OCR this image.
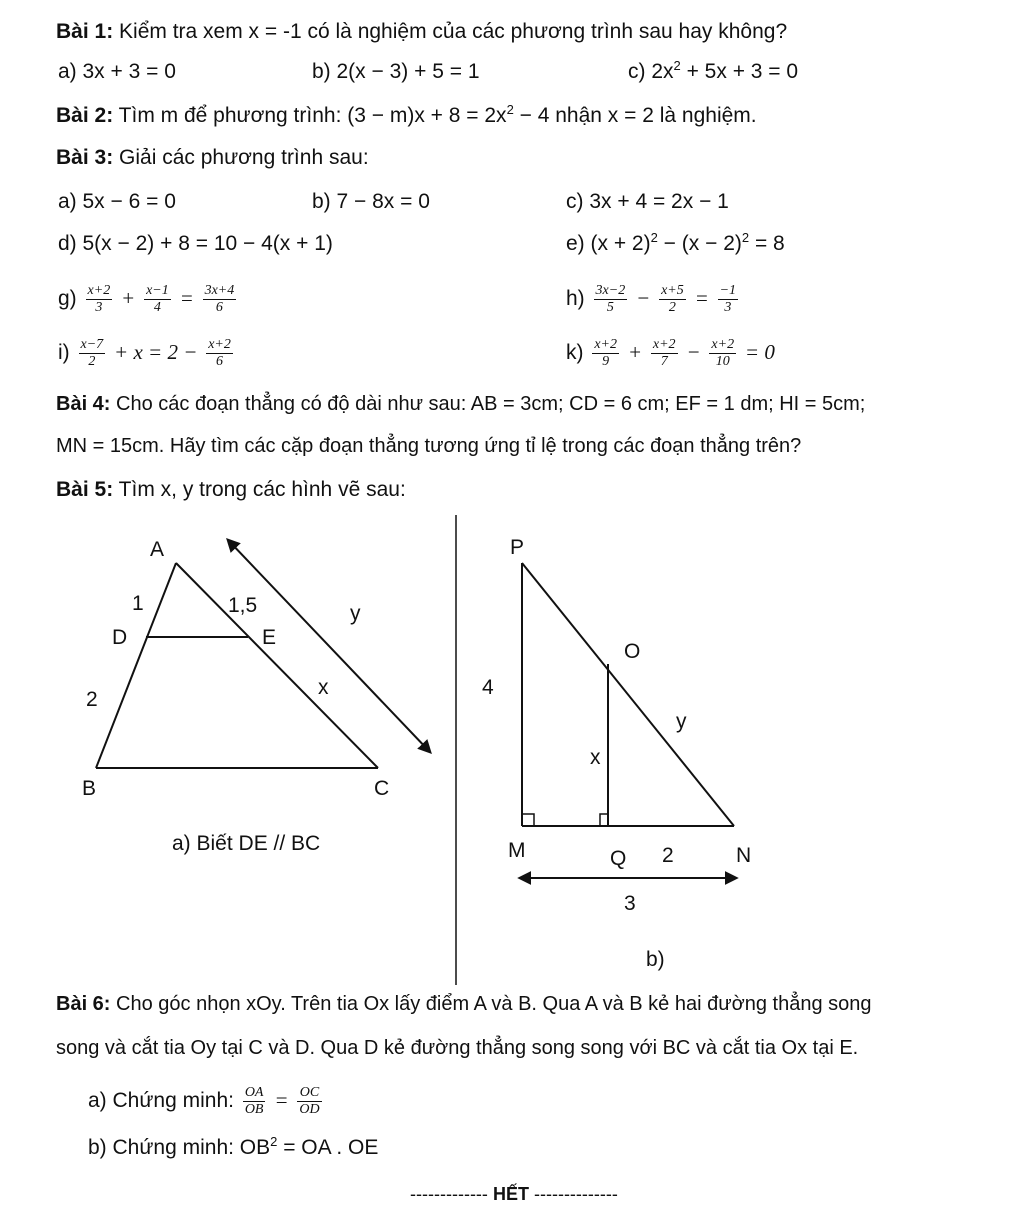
Bài 1: Kiểm tra xem x = -1 có là nghiệm của các phương trình sau hay không?
a) 3x + 3 = 0	b) 2(x − 3) + 5 = 1	c) $2x^2 + 5x + 3 = 0$
Bài 2: Tìm m để phương trình: $(3 - m)x + 8 = 2x^2 - 4$ nhận x = 2 là nghiệm.
Bài 3: Giải các phương trình sau:
a) 5x − 6 = 0	b) 7 − 8x = 0	c) 3x + 4 = 2x − 1
d) 5(x − 2) + 8 = 10 − 4(x + 1)	e) $(x + 2)^2 - (x - 2)^2 = 8$
$g) \frac{x+2}{3} + \frac{x-1}{4} = \frac{3x+4}{6}$	$h) \frac{3x-2}{5} - \frac{x+5}{2} = \frac{-1}{3}$
$i) \frac{x-7}{2} + x = 2 - \frac{x+2}{6}$	$k) \frac{x+2}{9} + \frac{x+2}{7} - \frac{x+2}{10} = 0$
Bài 4: Cho các đoạn thẳng có độ dài như sau: AB = 3cm; CD = 6 cm; EF = 1 dm; HI = 5cm;
MN = 15cm. Hãy tìm các cặp đoạn thẳng tương ứng tỉ lệ trong các đoạn thẳng trên?
Bài 5: Tìm x, y trong các hình vẽ sau:
A
D	E
B	C
1	1,5
2
x
y
P
O
M	Q	N
4
x
y
2
3
a) Biết DE // BC
b)
Bài 6: Cho góc nhọn xOy. Trên tia Ox lấy điểm A và B. Qua A và B kẻ hai đường thẳng song
song và cắt tia Oy tại C và D. Qua D kẻ đường thẳng song song với BC và cắt tia Ox tại E.
a) Chứng minh: $\frac{OA}{OB} = \frac{OC}{OD}$
b) Chứng minh: $OB^2$ = OA . OE
------------- HẾT --------------
